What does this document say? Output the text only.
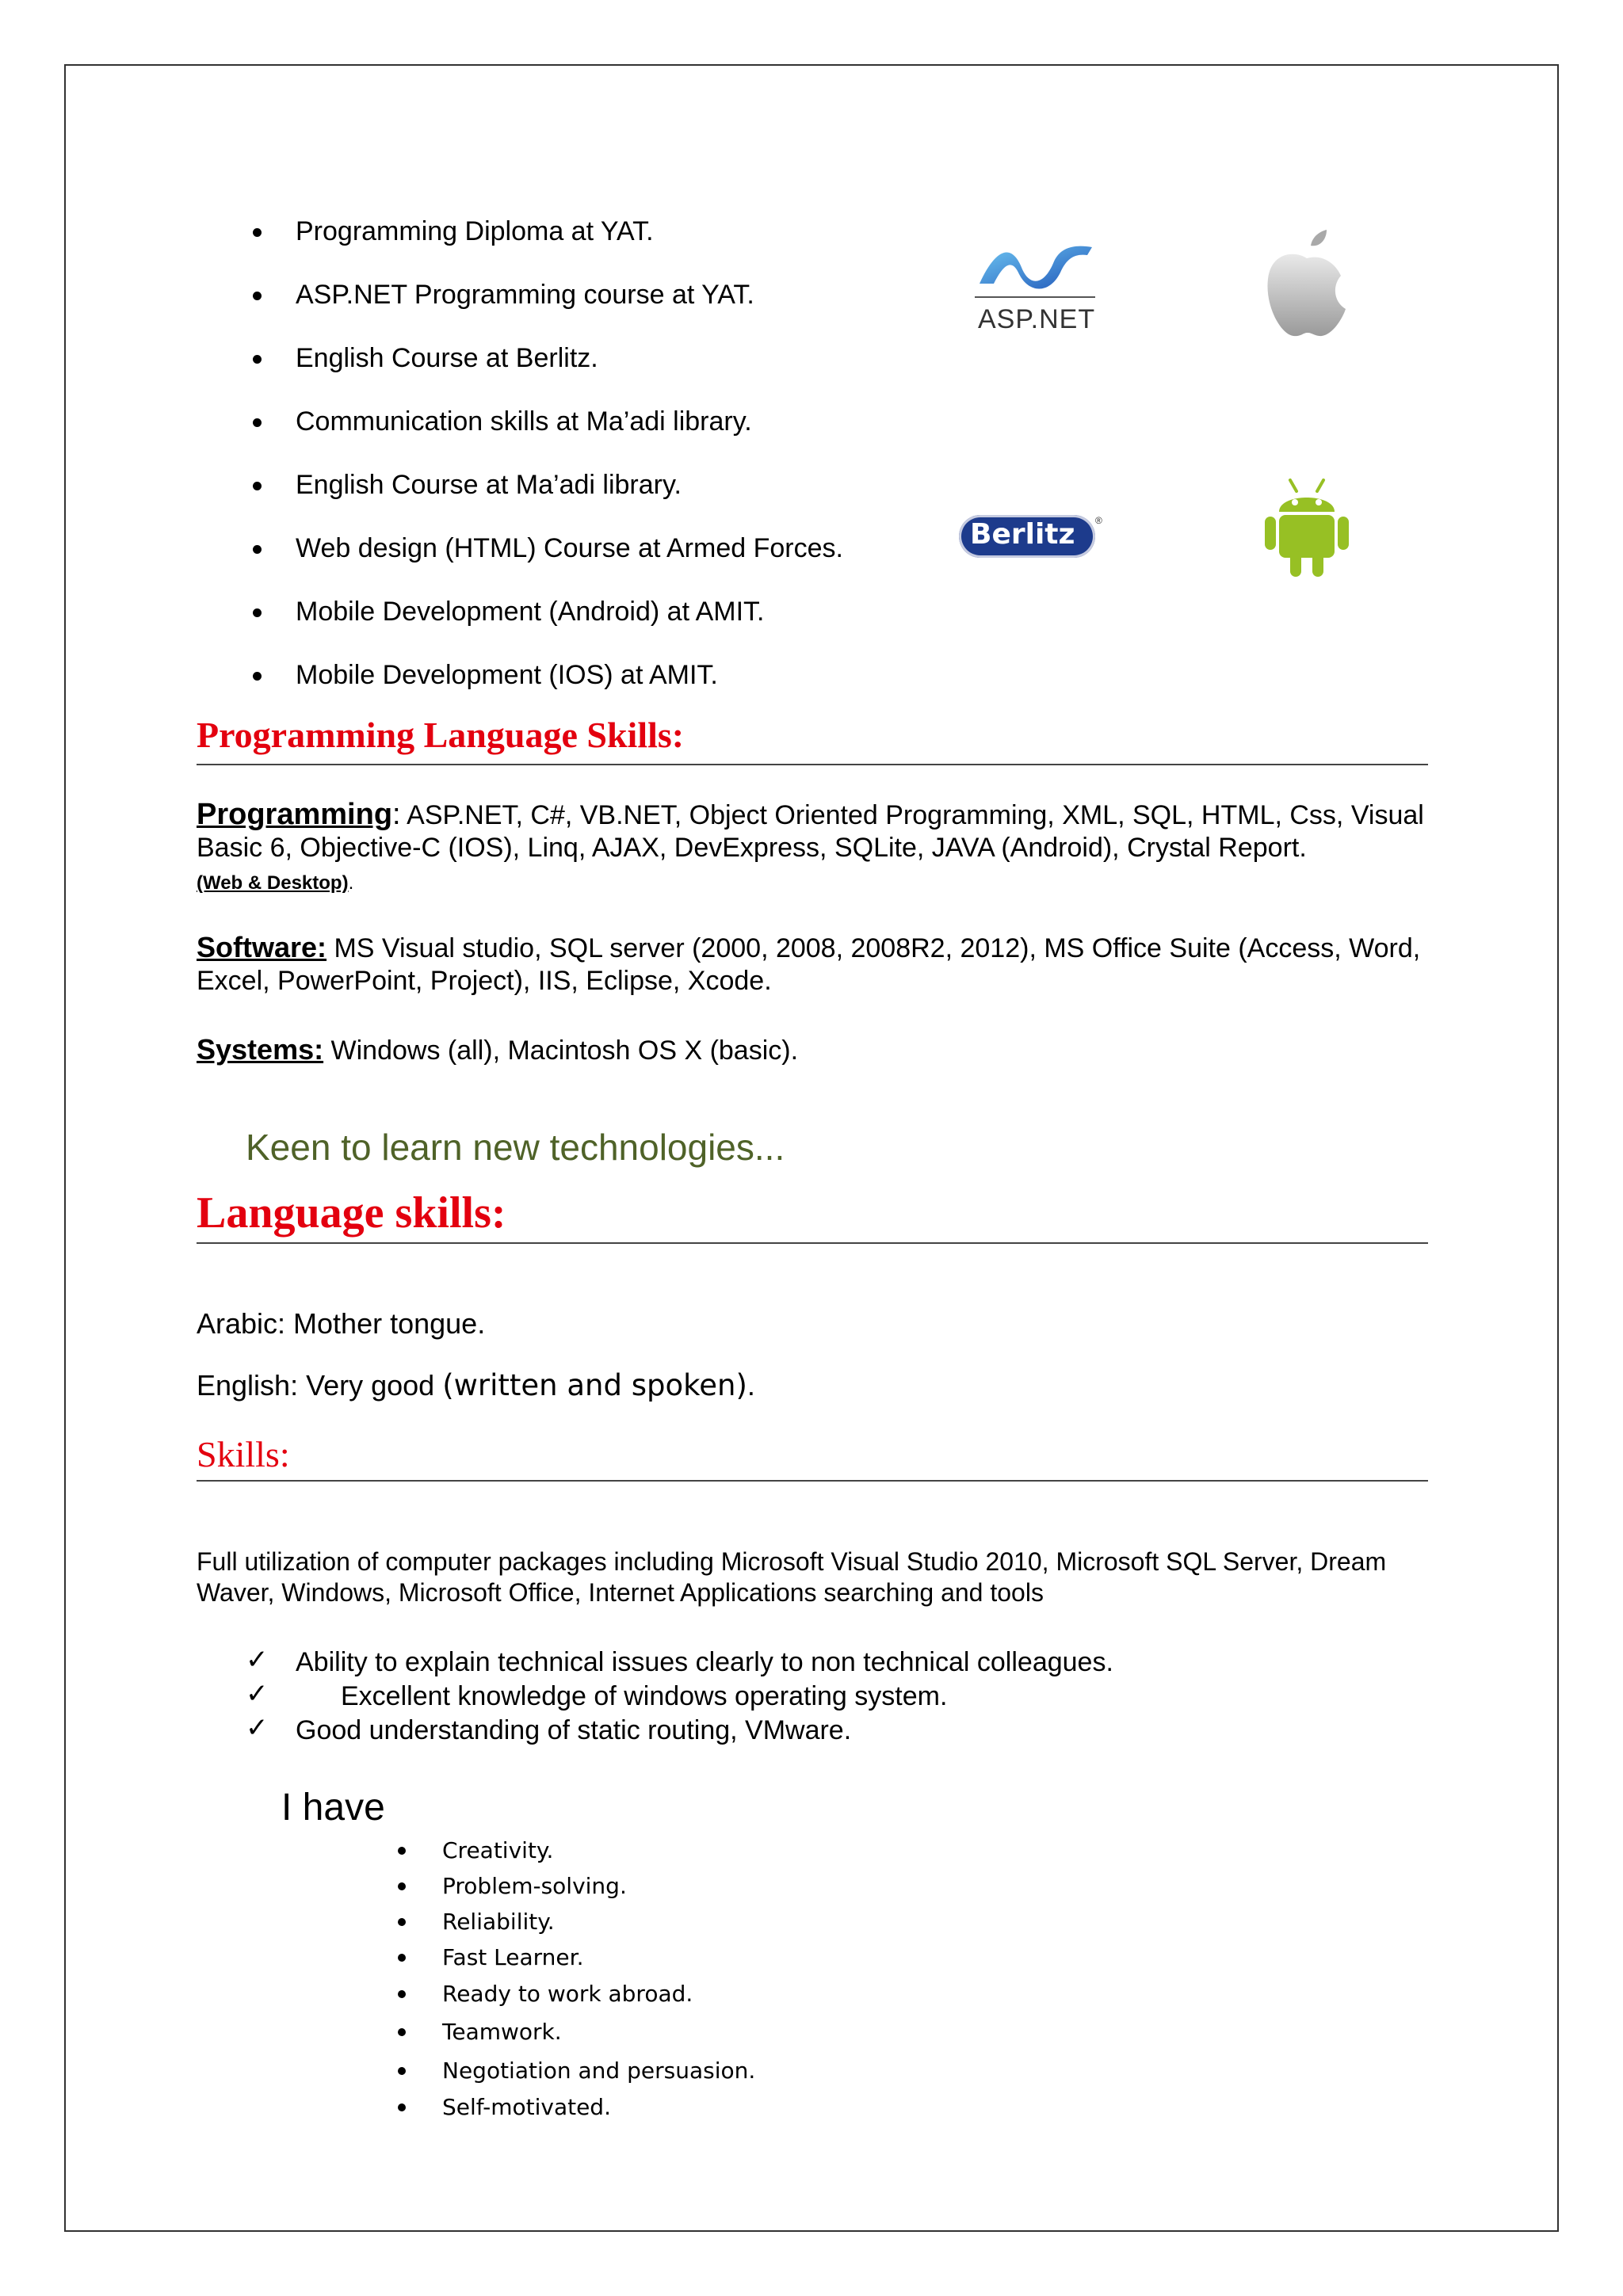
Programming Diploma at YAT.
ASP.NET Programming course at YAT.
English Course at Berlitz.
Communication skills at Ma’adi library.
English Course at Ma’adi library.
Web design (HTML) Course at Armed Forces.
Mobile Development (Android) at AMIT.
Mobile Development (IOS) at AMIT.
ASP.NET
Berlitz ®
Programming Language Skills:
Programming: ASP.NET, C#, VB.NET, Object Oriented Programming, XML, SQL, HTML, Css, Visual Basic 6, Objective-C (IOS), Linq, AJAX, DevExpress, SQLite, JAVA (Android), Crystal Report.
(Web & Desktop).
Software: MS Visual studio, SQL server (2000, 2008, 2008R2, 2012), MS Office Suite (Access, Word, Excel, PowerPoint, Project), IIS, Eclipse, Xcode.
Systems: Windows (all), Macintosh OS X (basic).
Keen to learn new technologies...
Language skills:
Arabic: Mother tongue.
English: Very good (written and spoken).
Skills:
Full utilization of computer packages including Microsoft Visual Studio 2010, Microsoft SQL Server, Dream Waver, Windows, Microsoft Office, Internet Applications searching and tools
✓ Ability to explain technical issues clearly to non technical colleagues.
✓	Excellent knowledge of windows operating system.
✓ Good understanding of static routing, VMware.
I have
Creativity.
Problem-solving.
Reliability.
Fast Learner.
Ready to work abroad.
Teamwork.
Negotiation and persuasion.
Self-motivated.
